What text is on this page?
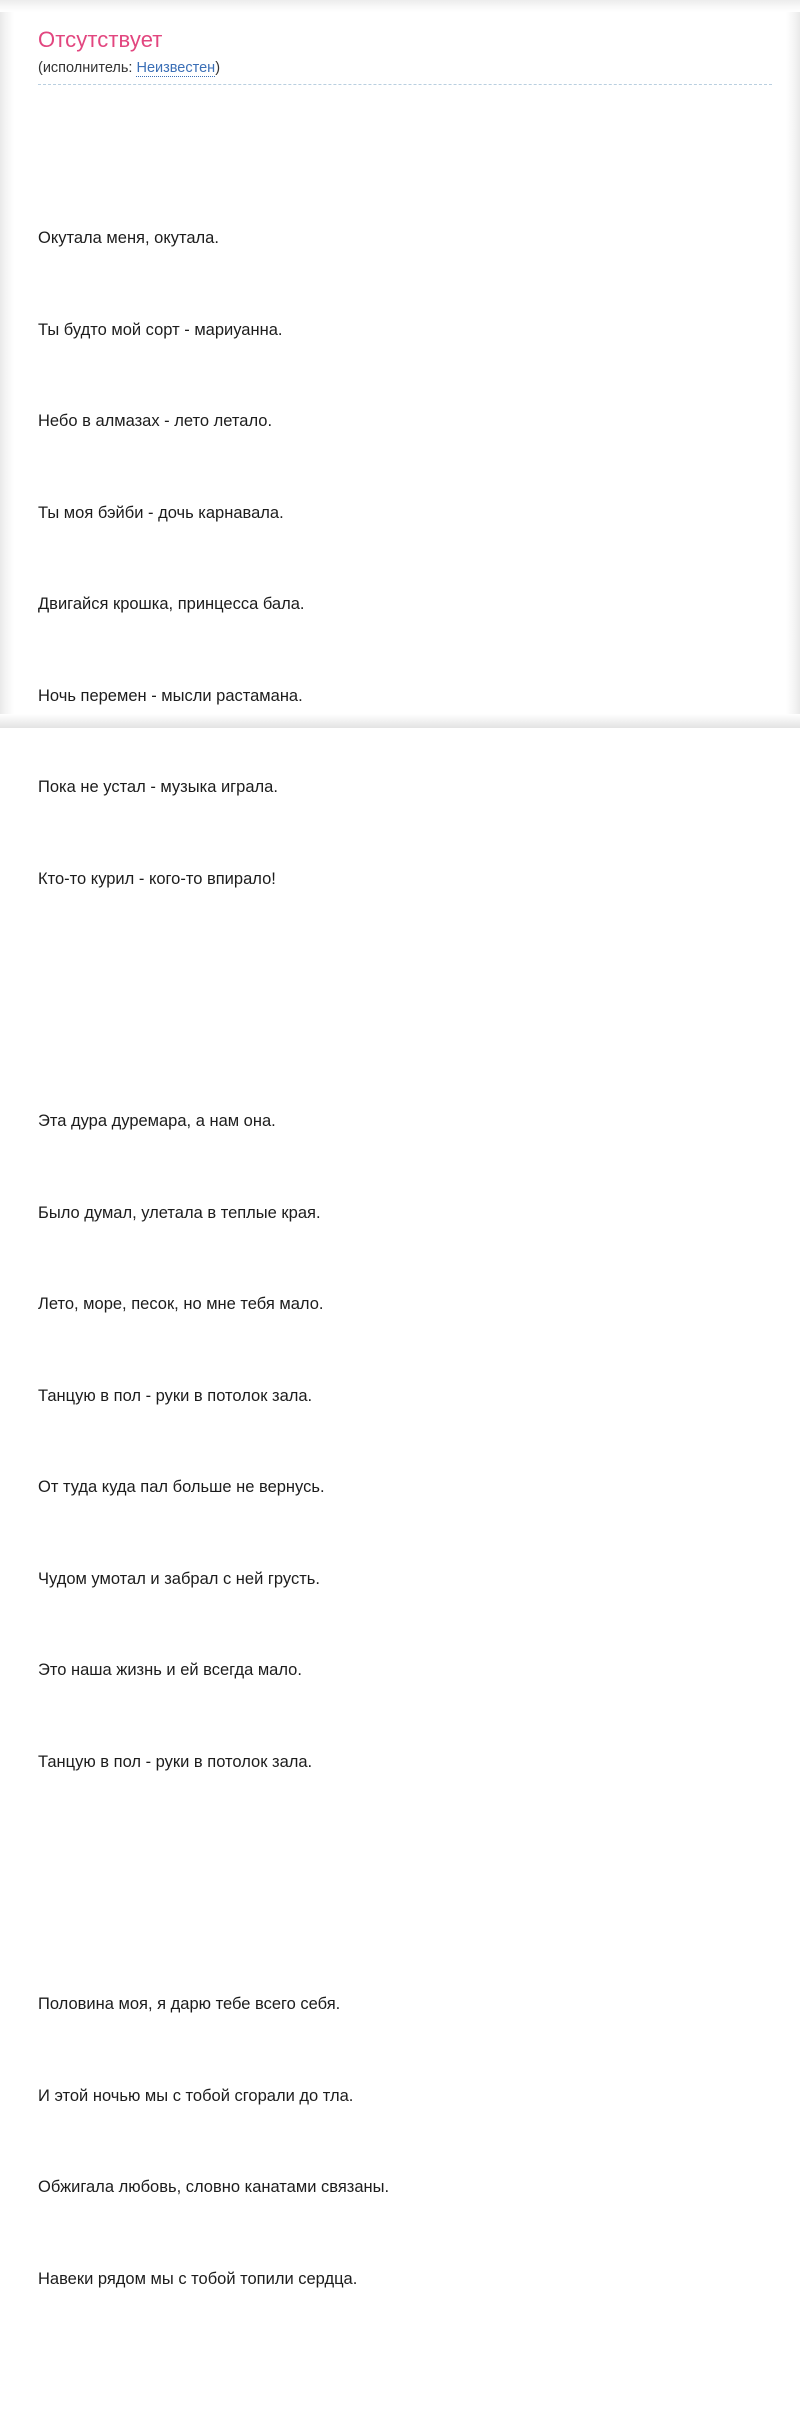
Отсутствует
(исполнитель: Неизвестен)

Окутала меня, окутала.

Ты будто мой сорт - мариуанна.

Небо в алмазах - лето летало.

Ты моя бэйби - дочь карнавала.

Двигайся крошка, принцесса бала.

Ночь перемен - мысли растамана.

Пока не устал - музыка играла.

Кто-то курил - кого-то впирало!

Эта дура дуремара, а нам она.

Было думал, улетала в теплые края.

Лето, море, песок, но мне тебя мало.

Танцую в пол - руки в потолок зала.

От туда куда пал больше не вернусь.

Чудом умотал и забрал с ней грусть.

Это наша жизнь и ей всегда мало.

Танцую в пол - руки в потолок зала.

Половина моя, я дарю тебе всего себя.

И этой ночью мы с тобой сгорали до тла.

Обжигала любовь, словно канатами связаны.

Навеки рядом мы с тобой топили сердца.
